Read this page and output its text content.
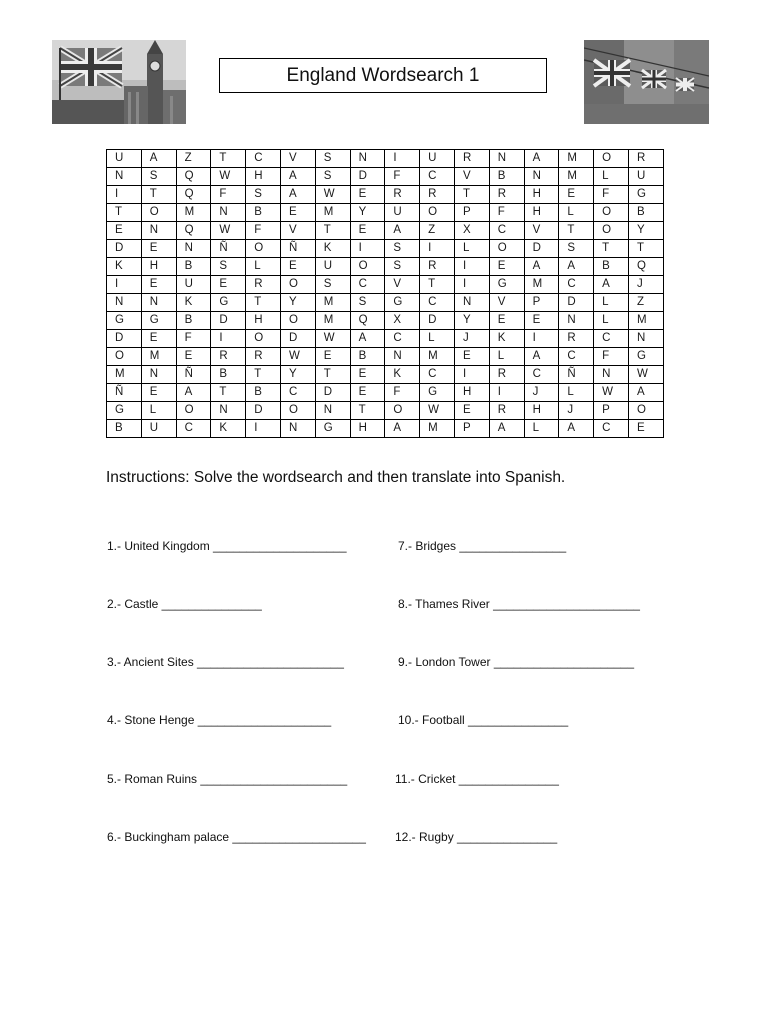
England Wordsearch 1
U	A	Z	T	C	V	S	N	I	U	R	N	A	M	O	R
N	S	Q	W	H	A	S	D	F	C	V	B	N	M	L	U
I	T	Q	F	S	A	W	E	R	R	T	R	H	E	F	G
T	O	M	N	B	E	M	Y	U	O	P	F	H	L	O	B
E	N	Q	W	F	V	T	E	A	Z	X	C	V	T	O	Y
D	E	N	Ñ	O	Ñ	K	I	S	I	L	O	D	S	T	T
K	H	B	S	L	E	U	O	S	R	I	E	A	A	B	Q
I	E	U	E	R	O	S	C	V	T	I	G	M	C	A	J
N	N	K	G	T	Y	M	S	G	C	N	V	P	D	L	Z
G	G	B	D	H	O	M	Q	X	D	Y	E	E	N	L	M
D	E	F	I	O	D	W	A	C	L	J	K	I	R	C	N
O	M	E	R	R	W	E	B	N	M	E	L	A	C	F	G
M	N	Ñ	B	T	Y	T	E	K	C	I	R	C	Ñ	N	W
Ñ	E	A	T	B	C	D	E	F	G	H	I	J	L	W	A
G	L	O	N	D	O	N	T	O	W	E	R	H	J	P	O
B	U	C	K	I	N	G	H	A	M	P	A	L	A	C	E
Instructions: Solve the wordsearch and then translate into Spanish.
1.- United Kingdom ____________________
2.- Castle _______________
3.- Ancient Sites ______________________
4.- Stone Henge ____________________
5.- Roman Ruins ______________________
6.- Buckingham palace ____________________
7.- Bridges ________________
8.- Thames River ______________________
9.- London Tower _____________________
10.- Football _______________
11.- Cricket _______________
12.- Rugby _______________
